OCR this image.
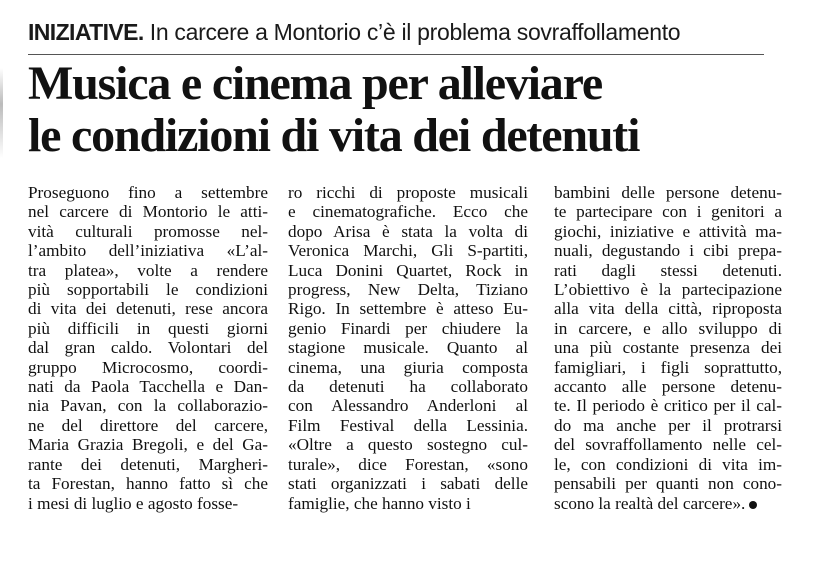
INIZIATIVE. In carcere a Montorio c’è il problema sovraffollamento
Musica e cinema per alleviare
le condizioni di vita dei detenuti
Proseguono fino a settembre
nel carcere di Montorio le atti-
vità culturali promosse nel-
l’ambito dell’iniziativa «L’al-
tra platea», volte a rendere
più sopportabili le condizioni
di vita dei detenuti, rese ancora
più difficili in questi giorni
dal gran caldo. Volontari del
gruppo Microcosmo, coordi-
nati da Paola Tacchella e Dan-
nia Pavan, con la collaborazio-
ne del direttore del carcere,
Maria Grazia Bregoli, e del Ga-
rante dei detenuti, Margheri-
ta Forestan, hanno fatto sì che
i mesi di luglio e agosto fosse-
ro ricchi di proposte musicali
e cinematografiche. Ecco che
dopo Arisa è stata la volta di
Veronica Marchi, Gli S-partiti,
Luca Donini Quartet, Rock in
progress, New Delta, Tiziano
Rigo. In settembre è atteso Eu-
genio Finardi per chiudere la
stagione musicale. Quanto al
cinema, una giuria composta
da detenuti ha collaborato
con Alessandro Anderloni al
Film Festival della Lessinia.
«Oltre a questo sostegno cul-
turale», dice Forestan, «sono
stati organizzati i sabati delle
famiglie, che hanno visto i
bambini delle persone detenu-
te partecipare con i genitori a
giochi, iniziative e attività ma-
nuali, degustando i cibi prepa-
rati dagli stessi detenuti.
L’obiettivo è la partecipazione
alla vita della città, riproposta
in carcere, e allo sviluppo di
una più costante presenza dei
famigliari, i figli soprattutto,
accanto alle persone detenu-
te. Il periodo è critico per il cal-
do ma anche per il protrarsi
del sovraffollamento nelle cel-
le, con condizioni di vita im-
pensabili per quanti non cono-
scono la realtà del carcere».
